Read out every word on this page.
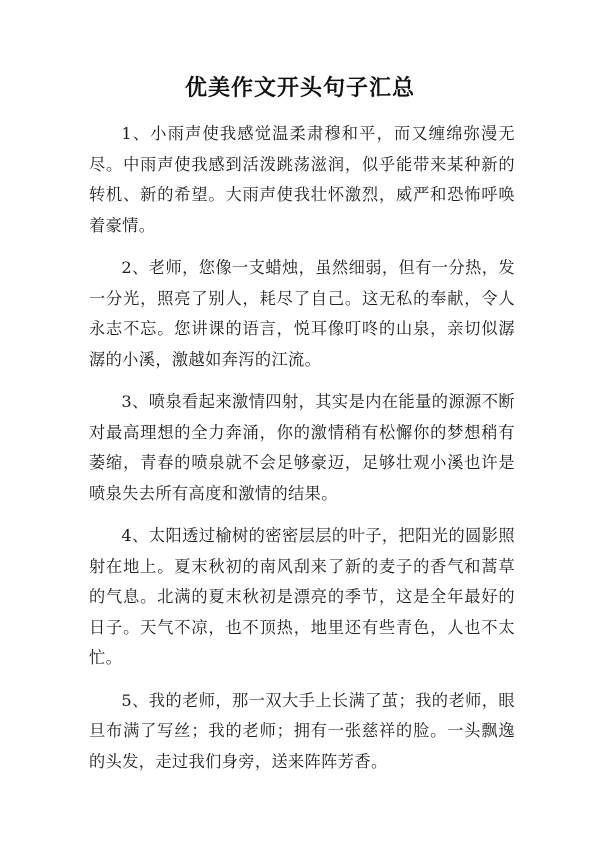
优美作文开头句子汇总

1、小雨声使我感觉温柔肃穆和平，而又缠绵弥漫无尽。中雨声使我感到活泼跳荡滋润，似乎能带来某种新的转机、新的希望。大雨声使我壮怀激烈，威严和恐怖呼唤着豪情。

2、老师，您像一支蜡烛，虽然细弱，但有一分热，发一分光，照亮了别人，耗尽了自己。这无私的奉献，令人永志不忘。您讲课的语言，悦耳像叮咚的山泉，亲切似潺潺的小溪，激越如奔泻的江流。

3、喷泉看起来激情四射，其实是内在能量的源源不断对最高理想的全力奔涌，你的激情稍有松懈你的梦想稍有萎缩，青春的喷泉就不会足够豪迈，足够壮观小溪也许是喷泉失去所有高度和激情的结果。

4、太阳透过榆树的密密层层的叶子，把阳光的圆影照射在地上。夏末秋初的南风刮来了新的麦子的香气和蒿草的气息。北满的夏末秋初是漂亮的季节，这是全年最好的日子。天气不凉，也不顶热，地里还有些青色，人也不太忙。

5、我的老师，那一双大手上长满了茧；我的老师，眼旦布满了写丝；我的老师；拥有一张慈祥的脸。一头飘逸的头发，走过我们身旁，送来阵阵芳香。
